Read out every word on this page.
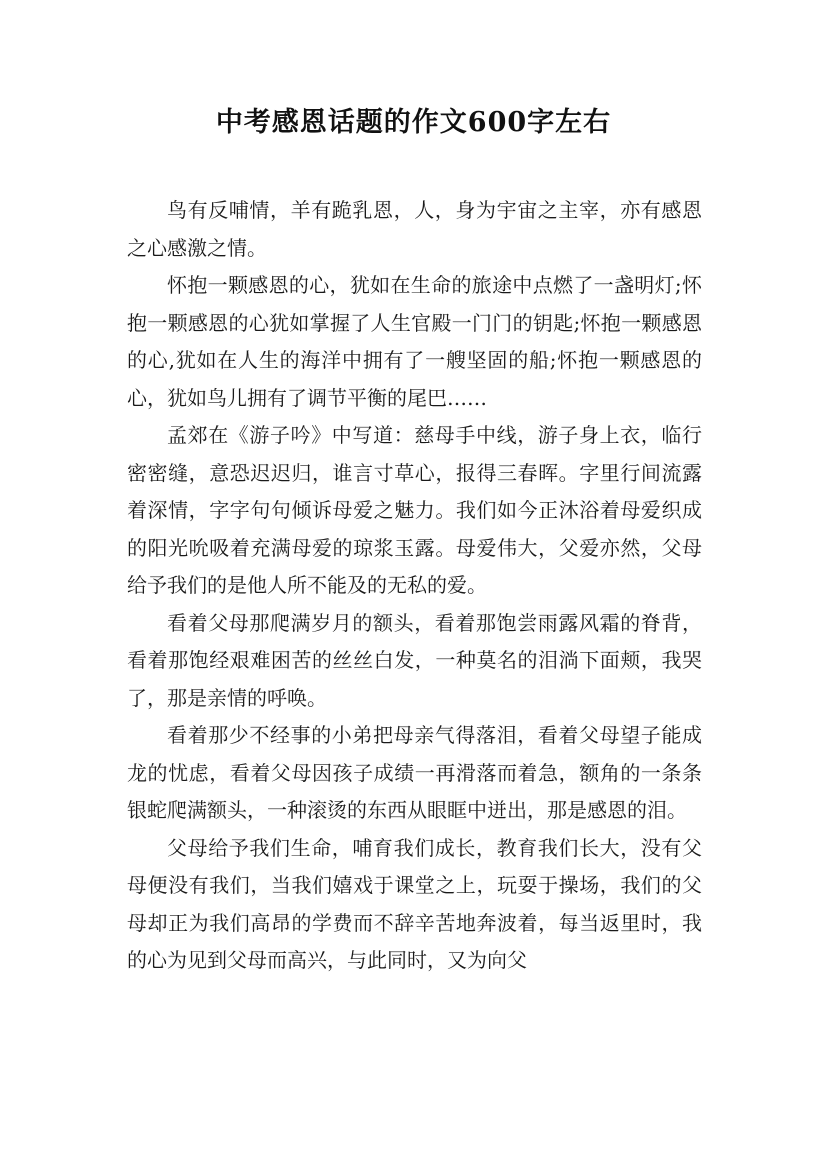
中考感恩话题的作文600字左右

鸟有反哺情，羊有跪乳恩，人，身为宇宙之主宰，亦有感恩之心感激之情。

怀抱一颗感恩的心，犹如在生命的旅途中点燃了一盏明灯;怀抱一颗感恩的心犹如掌握了人生官殿一门门的钥匙;怀抱一颗感恩的心,犹如在人生的海洋中拥有了一艘坚固的船;怀抱一颗感恩的心，犹如鸟儿拥有了调节平衡的尾巴……

孟郊在《游子吟》中写道：慈母手中线，游子身上衣，临行密密缝，意恐迟迟归，谁言寸草心，报得三春晖。字里行间流露着深情，字字句句倾诉母爱之魅力。我们如今正沐浴着母爱织成的阳光吮吸着充满母爱的琼浆玉露。母爱伟大，父爱亦然，父母给予我们的是他人所不能及的无私的爱。

看着父母那爬满岁月的额头，看着那饱尝雨露风霜的脊背，看着那饱经艰难困苦的丝丝白发，一种莫名的泪淌下面颊，我哭了，那是亲情的呼唤。

看着那少不经事的小弟把母亲气得落泪，看着父母望子能成龙的忧虑，看着父母因孩子成绩一再滑落而着急，额角的一条条银蛇爬满额头，一种滚烫的东西从眼眶中迸出，那是感恩的泪。

父母给予我们生命，哺育我们成长，教育我们长大，没有父母便没有我们，当我们嬉戏于课堂之上，玩耍于操场，我们的父母却正为我们高昂的学费而不辞辛苦地奔波着，每当返里时，我的心为见到父母而高兴，与此同时，又为向父
